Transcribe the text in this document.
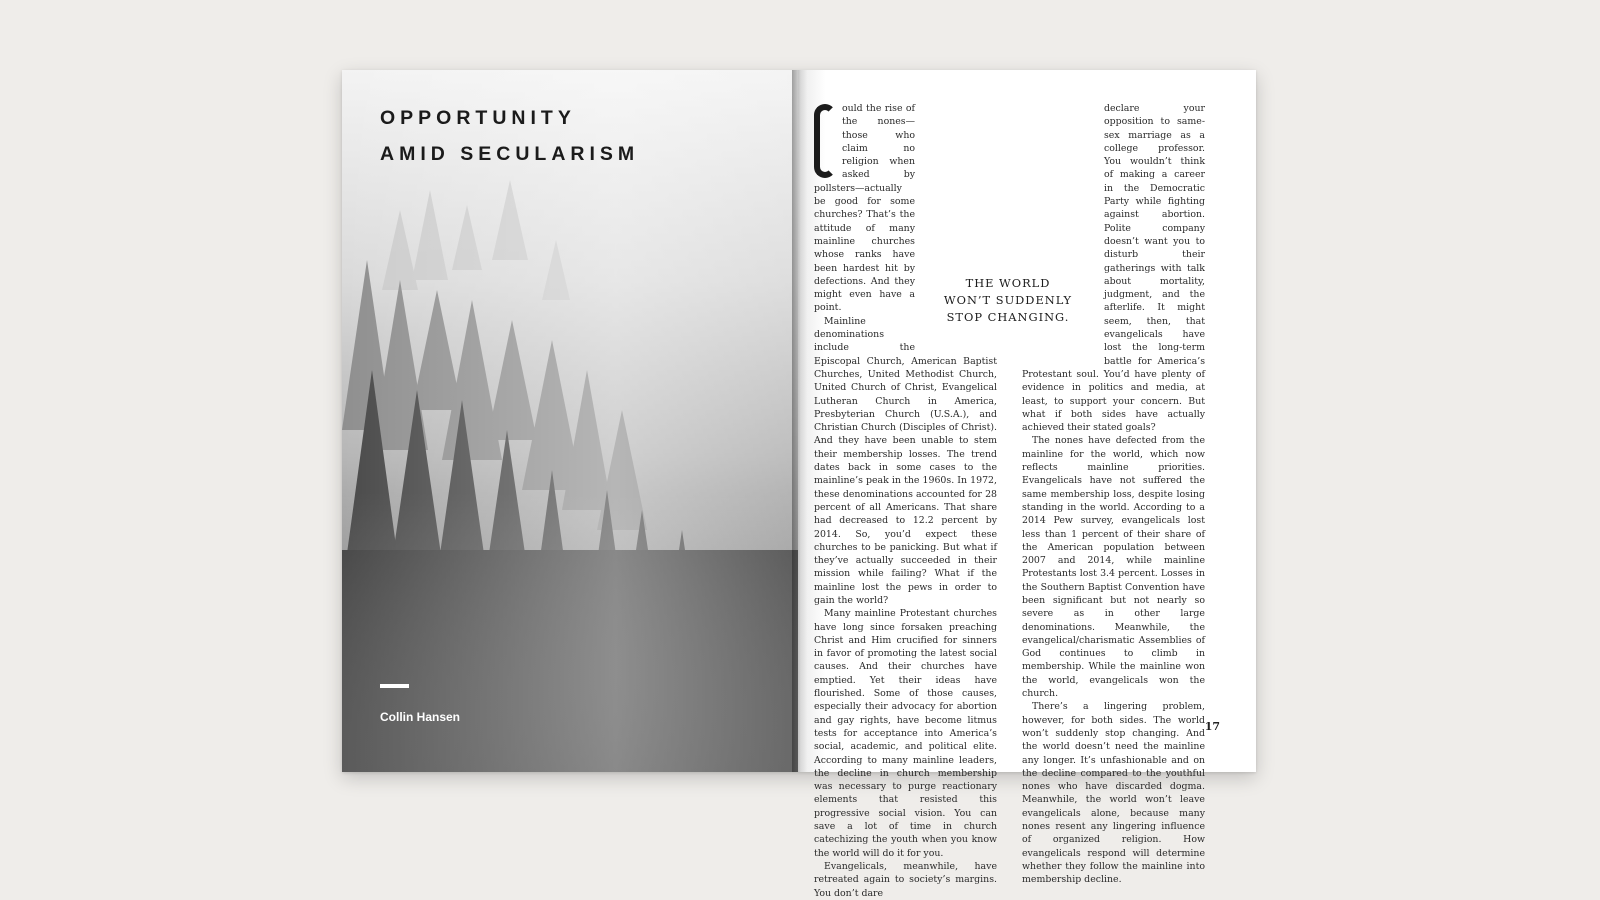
OPPORTUNITY
AMID SECULARISM
Collin Hansen

ould the rise of the nones—those who claim no religion when asked by pollsters—actually be good for some churches? That’s the attitude of many mainline churches whose ranks have been hardest hit by defections. And they might even have a point.

Mainline denominations include the Episcopal Church, American Baptist Churches, United Methodist Church, United Church of Christ, Evangelical Lutheran Church in America, Presbyterian Church (U.S.A.), and Christian Church (Disciples of Christ). And they have been unable to stem their membership losses. The trend dates back in some cases to the mainline’s peak in the 1960s. In 1972, these denominations accounted for 28 percent of all Americans. That share had decreased to 12.2 percent by 2014. So, you’d expect these churches to be panicking. But what if they’ve actually succeeded in their mission while failing? What if the mainline lost the pews in order to gain the world?

Many mainline Protestant churches have long since forsaken preaching Christ and Him crucified for sinners in favor of promoting the latest social causes. And their churches have emptied. Yet their ideas have flourished. Some of those causes, especially their advocacy for abortion and gay rights, have become litmus tests for acceptance into America’s social, academic, and political elite. According to many mainline leaders, the decline in church membership was necessary to purge reactionary elements that resisted this progressive social vision. You can save a lot of time in church catechizing the youth when you know the world will do it for you.

Evangelicals, meanwhile, have retreated again to society’s margins. You don’t dare

declare your opposition to same-sex marriage as a college professor. You wouldn’t think of making a career in the Democratic Party while fighting against abortion. Polite company doesn’t want you to disturb their gatherings with talk about mortality, judgment, and the afterlife. It might seem, then, that evangelicals have lost the long-term battle for America’s Protestant soul. You’d have plenty of evidence in politics and media, at least, to support your concern. But what if both sides have actually achieved their stated goals?

The nones have defected from the mainline for the world, which now reflects mainline priorities. Evangelicals have not suffered the same membership loss, despite losing standing in the world. According to a 2014 Pew survey, evangelicals lost less than 1 percent of their share of the American population between 2007 and 2014, while mainline Protestants lost 3.4 percent. Losses in the Southern Baptist Convention have been significant but not nearly so severe as in other large denominations. Meanwhile, the evangelical/charismatic Assemblies of God continues to climb in membership. While the mainline won the world, evangelicals won the church.

There’s a lingering problem, however, for both sides. The world won’t suddenly stop changing. And the world doesn’t need the mainline any longer. It’s unfashionable and on the decline compared to the youthful nones who have discarded dogma. Meanwhile, the world won’t leave evangelicals alone, because many nones resent any lingering influence of organized religion. How evangelicals respond will determine whether they follow the mainline into membership decline.

THE WORLD
WON’T SUDDENLY
STOP CHANGING.
17
